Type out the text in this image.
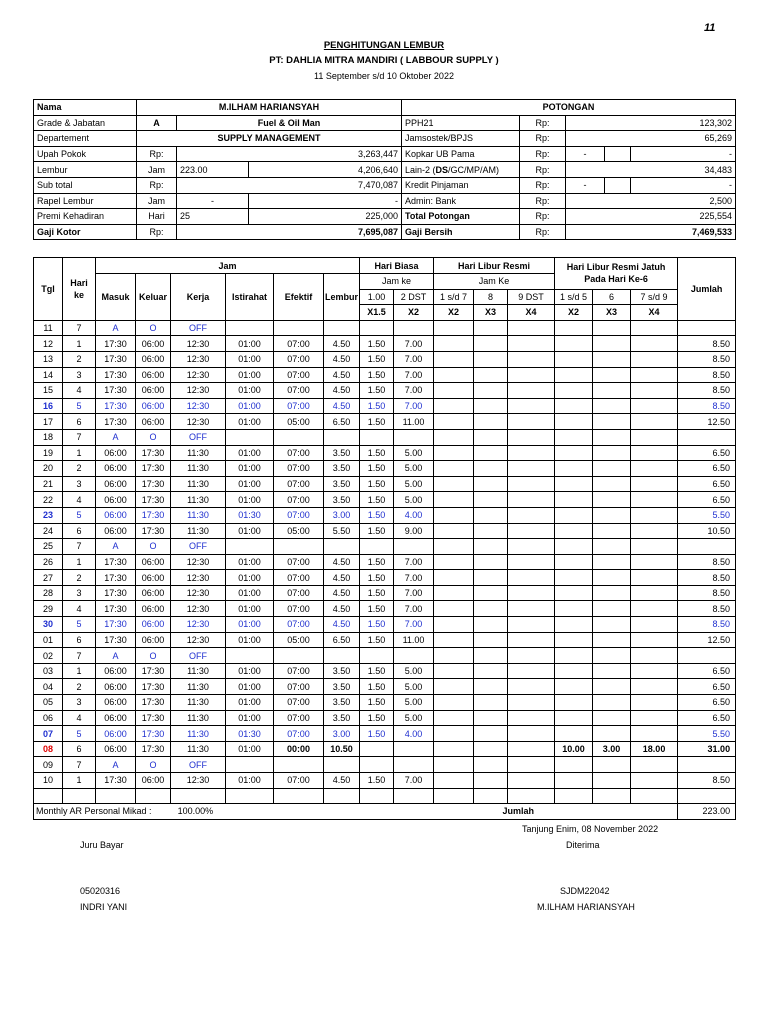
11
PENGHITUNGAN LEMBUR
PT: DAHLIA MITRA MANDIRI ( LABBOUR SUPPLY )
11 September s/d 10 Oktober 2022
Nama	M.ILHAM HARIANSYAH			POTONGAN				
Grade & Jabatan	A	Fuel & Oil Man		PPH21	Rp:	123,302		
Departement	SUPPLY MANAGEMENT			Jamsostek/BPJS	Rp:	65,269		
Upah Pokok	Rp:	3,263,447		Kopkar UB Pama	Rp:	-		-
Lembur	Jam	223.00	4,206,640	Lain-2 (DS/GC/MP/AM)	Rp:	34,483		
Sub total	Rp:	7,470,087		Kredit Pinjaman	Rp:	-		-
Rapel Lembur	Jam	-	-	Admin: Bank	Rp:	2,500		
Premi Kehadiran	Hari	25	225,000	Total Potongan	Rp:	225,554		
Gaji Kotor	Rp:	7,695,087		Gaji Bersih	Rp:	7,469,533		
Tgl	Hari ke	Jam						Hari Biasa		Hari Libur Resmi			Hari Libur Resmi Jatuh Pada Hari Ke-6			Jumlah
		Masuk	Keluar	Kerja	Istirahat	Efektif	Lembur	Jam ke		Jam Ke						
								1.00	2 DST	1 s/d 7	8	9 DST	1 s/d 5	6	7 s/d 9	
								X1.5	X2	X2	X3	X4	X2	X3	X4	
11	7	A	O	OFF												
12	1	17:30	06:00	12:30	01:00	07:00	4.50	1.50	7.00							8.50
13	2	17:30	06:00	12:30	01:00	07:00	4.50	1.50	7.00							8.50
14	3	17:30	06:00	12:30	01:00	07:00	4.50	1.50	7.00							8.50
15	4	17:30	06:00	12:30	01:00	07:00	4.50	1.50	7.00							8.50
16	5	17:30	06:00	12:30	01:00	07:00	4.50	1.50	7.00							8.50
17	6	17:30	06:00	12:30	01:00	05:00	6.50	1.50	11.00							12.50
18	7	A	O	OFF												
19	1	06:00	17:30	11:30	01:00	07:00	3.50	1.50	5.00							6.50
20	2	06:00	17:30	11:30	01:00	07:00	3.50	1.50	5.00							6.50
21	3	06:00	17:30	11:30	01:00	07:00	3.50	1.50	5.00							6.50
22	4	06:00	17:30	11:30	01:00	07:00	3.50	1.50	5.00							6.50
23	5	06:00	17:30	11:30	01:30	07:00	3.00	1.50	4.00							5.50
24	6	06:00	17:30	11:30	01:00	05:00	5.50	1.50	9.00							10.50
25	7	A	O	OFF												
26	1	17:30	06:00	12:30	01:00	07:00	4.50	1.50	7.00							8.50
27	2	17:30	06:00	12:30	01:00	07:00	4.50	1.50	7.00							8.50
28	3	17:30	06:00	12:30	01:00	07:00	4.50	1.50	7.00							8.50
29	4	17:30	06:00	12:30	01:00	07:00	4.50	1.50	7.00							8.50
30	5	17:30	06:00	12:30	01:00	07:00	4.50	1.50	7.00							8.50
01	6	17:30	06:00	12:30	01:00	05:00	6.50	1.50	11.00							12.50
02	7	A	O	OFF												
03	1	06:00	17:30	11:30	01:00	07:00	3.50	1.50	5.00							6.50
04	2	06:00	17:30	11:30	01:00	07:00	3.50	1.50	5.00							6.50
05	3	06:00	17:30	11:30	01:00	07:00	3.50	1.50	5.00							6.50
06	4	06:00	17:30	11:30	01:00	07:00	3.50	1.50	5.00							6.50
07	5	06:00	17:30	11:30	01:30	07:00	3.00	1.50	4.00							5.50
08	6	06:00	17:30	11:30	01:00	00:00	10.50						10.00	3.00	18.00	31.00
09	7	A	O	OFF												
10	1	17:30	06:00	12:30	01:00	07:00	4.50	1.50	7.00							8.50

Monthly AR Personal Mikad : 100.00%								Jumlah								223.00
Tanjung Enim, 08 November 2022
Juru Bayar	Diterima
05020316
INDRI YANI
SJDM22042
M.ILHAM HARIANSYAH
